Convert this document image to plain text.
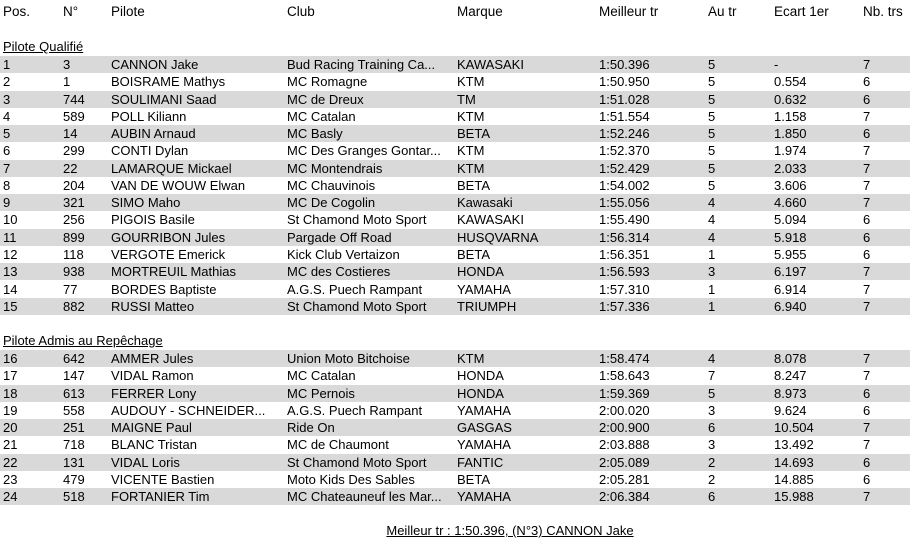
Pos.	N°	Pilote	Club	Marque	Meilleur tr	Au tr	Ecart 1er	Nb. trs
Pilote Qualifié
1	3	CANNON Jake	Bud Racing Training Ca...	KAWASAKI	1:50.396	5	-	7
2	1	BOISRAME Mathys	MC Romagne	KTM	1:50.950	5	0.554	6
3	744	SOULIMANI Saad	MC de Dreux	TM	1:51.028	5	0.632	6
4	589	POLL Kiliann	MC Catalan	KTM	1:51.554	5	1.158	7
5	14	AUBIN Arnaud	MC Basly	BETA	1:52.246	5	1.850	6
6	299	CONTI Dylan	MC Des Granges Gontar...	KTM	1:52.370	5	1.974	7
7	22	LAMARQUE Mickael	MC Montendrais	KTM	1:52.429	5	2.033	7
8	204	VAN DE WOUW Elwan	MC Chauvinois	BETA	1:54.002	5	3.606	7
9	321	SIMO Maho	MC De Cogolin	Kawasaki	1:55.056	4	4.660	7
10	256	PIGOIS Basile	St Chamond Moto Sport	KAWASAKI	1:55.490	4	5.094	6
11	899	GOURRIBON Jules	Pargade Off Road	HUSQVARNA	1:56.314	4	5.918	6
12	118	VERGOTE Emerick	Kick Club Vertaizon	BETA	1:56.351	1	5.955	6
13	938	MORTREUIL Mathias	MC des Costieres	HONDA	1:56.593	3	6.197	7
14	77	BORDES Baptiste	A.G.S. Puech Rampant	YAMAHA	1:57.310	1	6.914	7
15	882	RUSSI Matteo	St Chamond Moto Sport	TRIUMPH	1:57.336	1	6.940	7
Pilote Admis au Repêchage
16	642	AMMER Jules	Union Moto Bitchoise	KTM	1:58.474	4	8.078	7
17	147	VIDAL Ramon	MC Catalan	HONDA	1:58.643	7	8.247	7
18	613	FERRER Lony	MC Pernois	HONDA	1:59.369	5	8.973	6
19	558	AUDOUY - SCHNEIDER...	A.G.S. Puech Rampant	YAMAHA	2:00.020	3	9.624	6
20	251	MAIGNE Paul	Ride On	GASGAS	2:00.900	6	10.504	7
21	718	BLANC Tristan	MC de Chaumont	YAMAHA	2:03.888	3	13.492	7
22	131	VIDAL Loris	St Chamond Moto Sport	FANTIC	2:05.089	2	14.693	6
23	479	VICENTE Bastien	Moto Kids Des Sables	BETA	2:05.281	2	14.885	6
24	518	FORTANIER Tim	MC Chateauneuf les Mar...	YAMAHA	2:06.384	6	15.988	7
Meilleur tr : 1:50.396, (N°3) CANNON Jake
